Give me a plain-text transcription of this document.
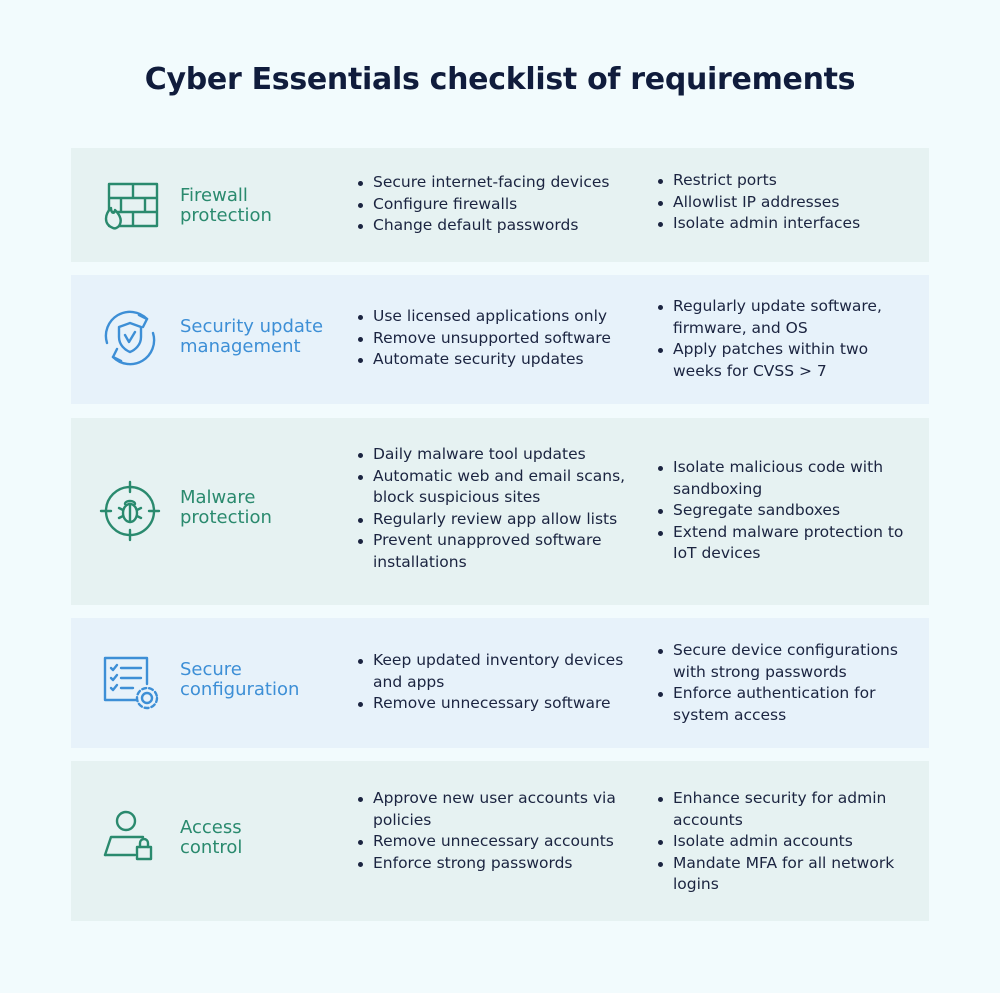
Cyber Essentials checklist of requirements
Firewall
protection
Secure internet-facing devices
Configure firewalls
Change default passwords
Restrict ports
Allowlist IP addresses
Isolate admin interfaces
Security update
management
Use licensed applications only
Remove unsupported software
Automate security updates
Regularly update software, firmware, and OS
Apply patches within two weeks for CVSS > 7
Malware
protection
Daily malware tool updates
Automatic web and email scans, block suspicious sites
Regularly review app allow lists
Prevent unapproved software installations
Isolate malicious code with sandboxing
Segregate sandboxes
Extend malware protection to IoT devices
Secure
configuration
Keep updated inventory devices and apps
Remove unnecessary software
Secure device configurations with strong passwords
Enforce authentication for system access
Access
control
Approve new user accounts via policies
Remove unnecessary accounts
Enforce strong passwords
Enhance security for admin accounts
Isolate admin accounts
Mandate MFA for all network logins
